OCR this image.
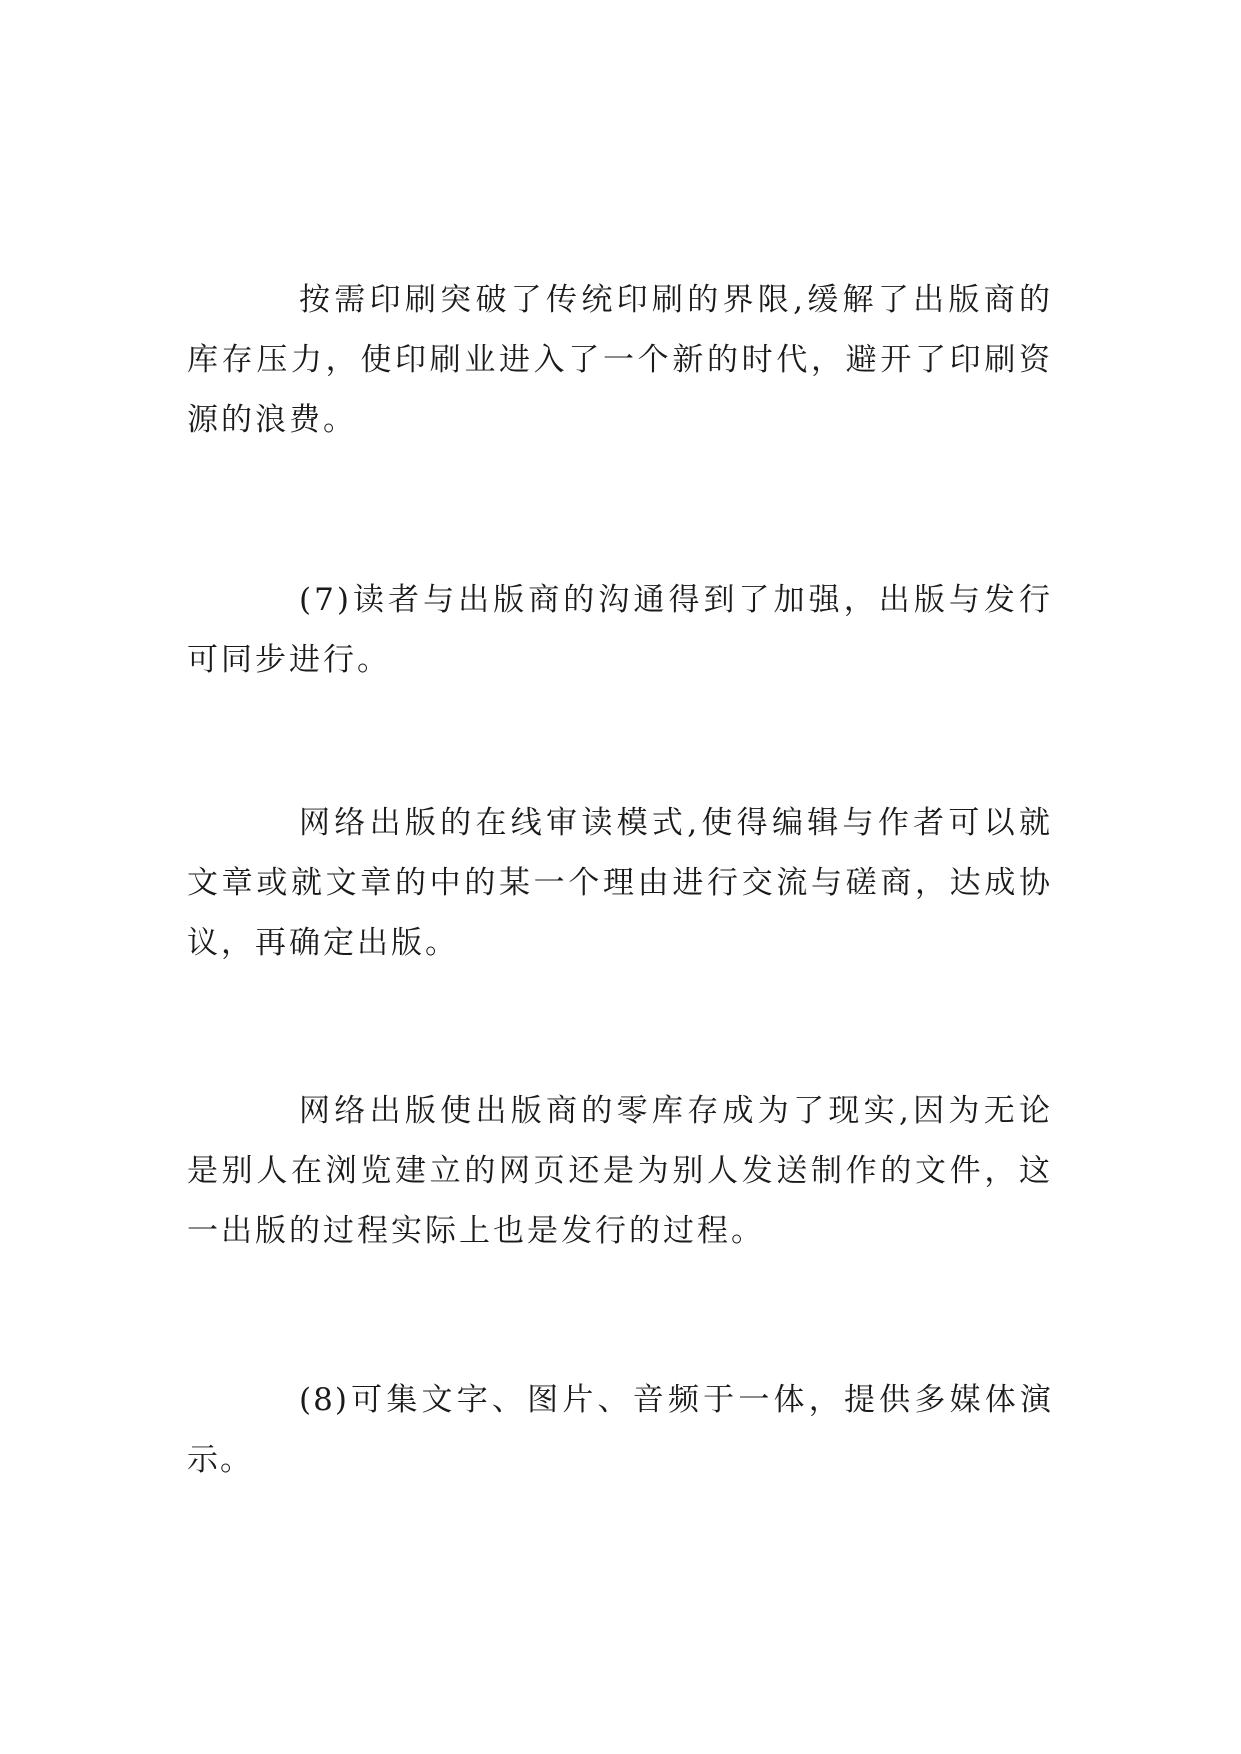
按需印刷突破了传统印刷的界限,缓解了出版商的库存压力，使印刷业进入了一个新的时代，避开了印刷资源的浪费。

(7)读者与出版商的沟通得到了加强，出版与发行可同步进行。

网络出版的在线审读模式,使得编辑与作者可以就文章或就文章的中的某一个理由进行交流与磋商，达成协议，再确定出版。

网络出版使出版商的零库存成为了现实,因为无论是别人在浏览建立的网页还是为别人发送制作的文件，这一出版的过程实际上也是发行的过程。

(8)可集文字、图片、音频于一体，提供多媒体演示。
